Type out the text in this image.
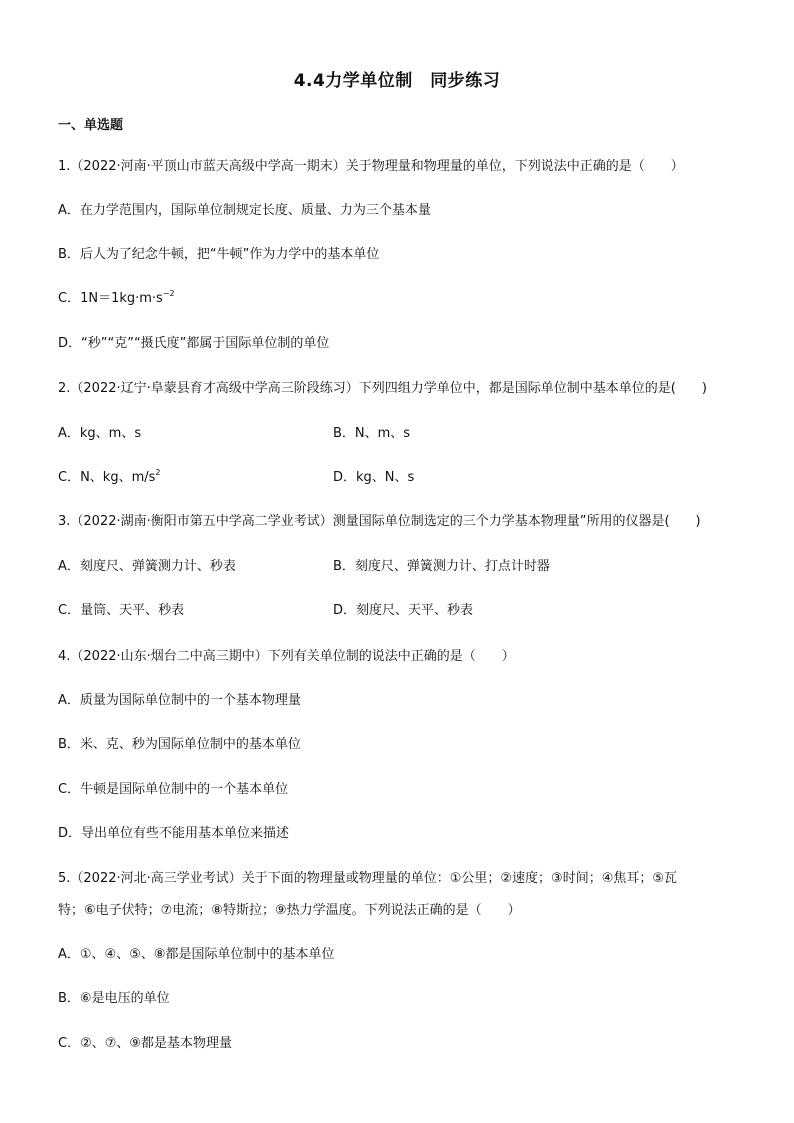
4.4力学单位制　同步练习
一、单选题
1.（2022·河南·平顶山市蓝天高级中学高一期末）关于物理量和物理量的单位，下列说法中正确的是（　　）
A．在力学范围内，国际单位制规定长度、质量、力为三个基本量
B．后人为了纪念牛顿，把“牛顿”作为力学中的基本单位
C．$1N=1kg\cdot m\cdot s^{-2}$
D．“秒”“克”“摄氏度”都属于国际单位制的单位
2.（2022·辽宁·阜蒙县育才高级中学高三阶段练习）下列四组力学单位中，都是国际单位制中基本单位的是(　　)
A．kg、m、s	B．N、m、s
C．N、kg、$m/s^2$	D．kg、N、s
3.（2022·湖南·衡阳市第五中学高二学业考试）测量国际单位制选定的三个力学基本物理量”所用的仪器是(　　)
A．刻度尺、弹簧测力计、秒表	B．刻度尺、弹簧测力计、打点计时器
C．量筒、天平、秒表	D．刻度尺、天平、秒表
4.（2022·山东·烟台二中高三期中）下列有关单位制的说法中正确的是（　　）
A．质量为国际单位制中的一个基本物理量
B．米、克、秒为国际单位制中的基本单位
C．牛顿是国际单位制中的一个基本单位
D．导出单位有些不能用基本单位来描述
5.（2022·河北·高三学业考试）关于下面的物理量或物理量的单位：①公里；②速度；③时间；④焦耳；⑤瓦
特；⑥电子伏特；⑦电流；⑧特斯拉；⑨热力学温度。下列说法正确的是（　　）
A．①、④、⑤、⑧都是国际单位制中的基本单位
B．⑥是电压的单位
C．②、⑦、⑨都是基本物理量
